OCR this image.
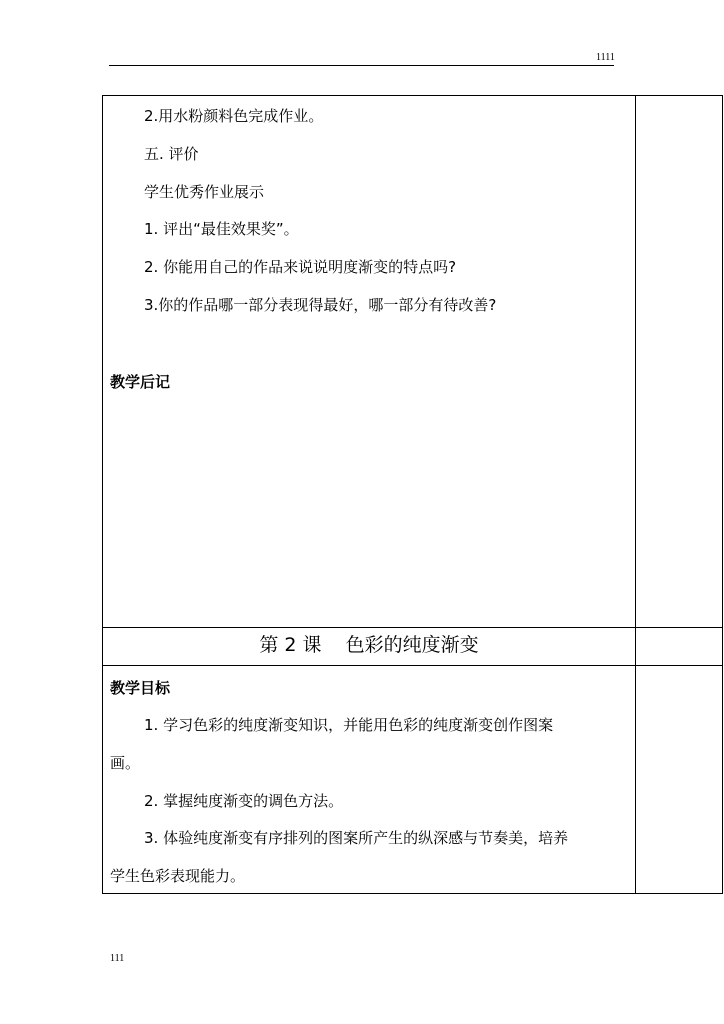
1111
2.用水粉颜料色完成作业。
五. 评价
学生优秀作业展示
1. 评出“最佳效果奖”。
2. 你能用自己的作品来说说明度渐变的特点吗?
3.你的作品哪一部分表现得最好，哪一部分有待改善?
教学后记
第 2 课    色彩的纯度渐变
教学目标
1. 学习色彩的纯度渐变知识，并能用色彩的纯度渐变创作图案
画。
2. 掌握纯度渐变的调色方法。
3. 体验纯度渐变有序排列的图案所产生的纵深感与节奏美，培养
学生色彩表现能力。
111
